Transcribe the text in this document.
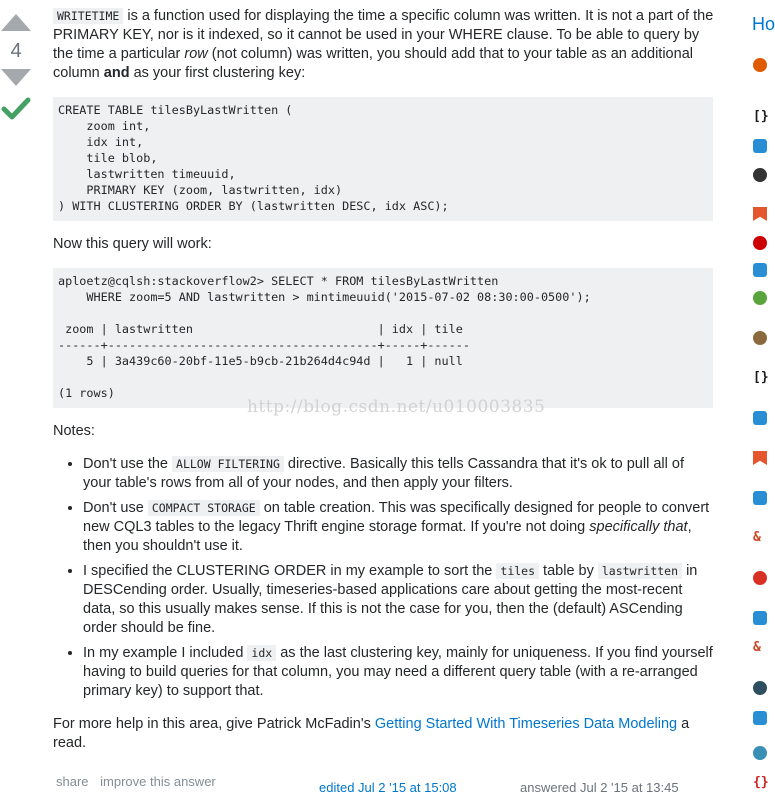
4

WRITETIME is a function used for displaying the time a specific column was written. It is not a part of the PRIMARY KEY, nor is it indexed, so it cannot be used in your WHERE clause. To be able to query by the time a particular row (not column) was written, you should add that to your table as an additional column and as your first clustering key:

CREATE TABLE tilesByLastWritten (
zoom int,
idx int,
tile blob,
lastwritten timeuuid,
PRIMARY KEY (zoom, lastwritten, idx)
) WITH CLUSTERING ORDER BY (lastwritten DESC, idx ASC);

Now this query will work:

aploetz@cqlsh:stackoverflow2> SELECT * FROM tilesByLastWritten
WHERE zoom=5 AND lastwritten > mintimeuuid('2015-07-02 08:30:00-0500');

zoom | lastwritten                          | idx | tile
------+--------------------------------------+-----+------
5 | 3a439c60-20bf-11e5-b9cb-21b264d4c94d |   1 | null

(1 rows)

Notes:

• Don't use the ALLOW FILTERING directive. Basically this tells Cassandra that it's ok to pull all of your table's rows from all of your nodes, and then apply your filters.
• Don't use COMPACT STORAGE on table creation. This was specifically designed for people to convert new CQL3 tables to the legacy Thrift engine storage format. If you're not doing specifically that, then you shouldn't use it.
• I specified the CLUSTERING ORDER in my example to sort the tiles table by lastwritten in DESCending order. Usually, timeseries-based applications care about getting the most-recent data, so this usually makes sense. If this is not the case for you, then the (default) ASCending order should be fine.
• In my example I included idx as the last clustering key, mainly for uniqueness. If you find yourself having to build queries for that column, you may need a different query table (with a re-arranged primary key) to support that.

For more help in this area, give Patrick McFadin's Getting Started With Timeseries Data Modeling a read.

http://blog.csdn.net/u010003835
share improve this answer	edited Jul 2 '15 at 15:08	answered Jul 2 '15 at 13:45
Ho
[}
[}
&
&
{}
